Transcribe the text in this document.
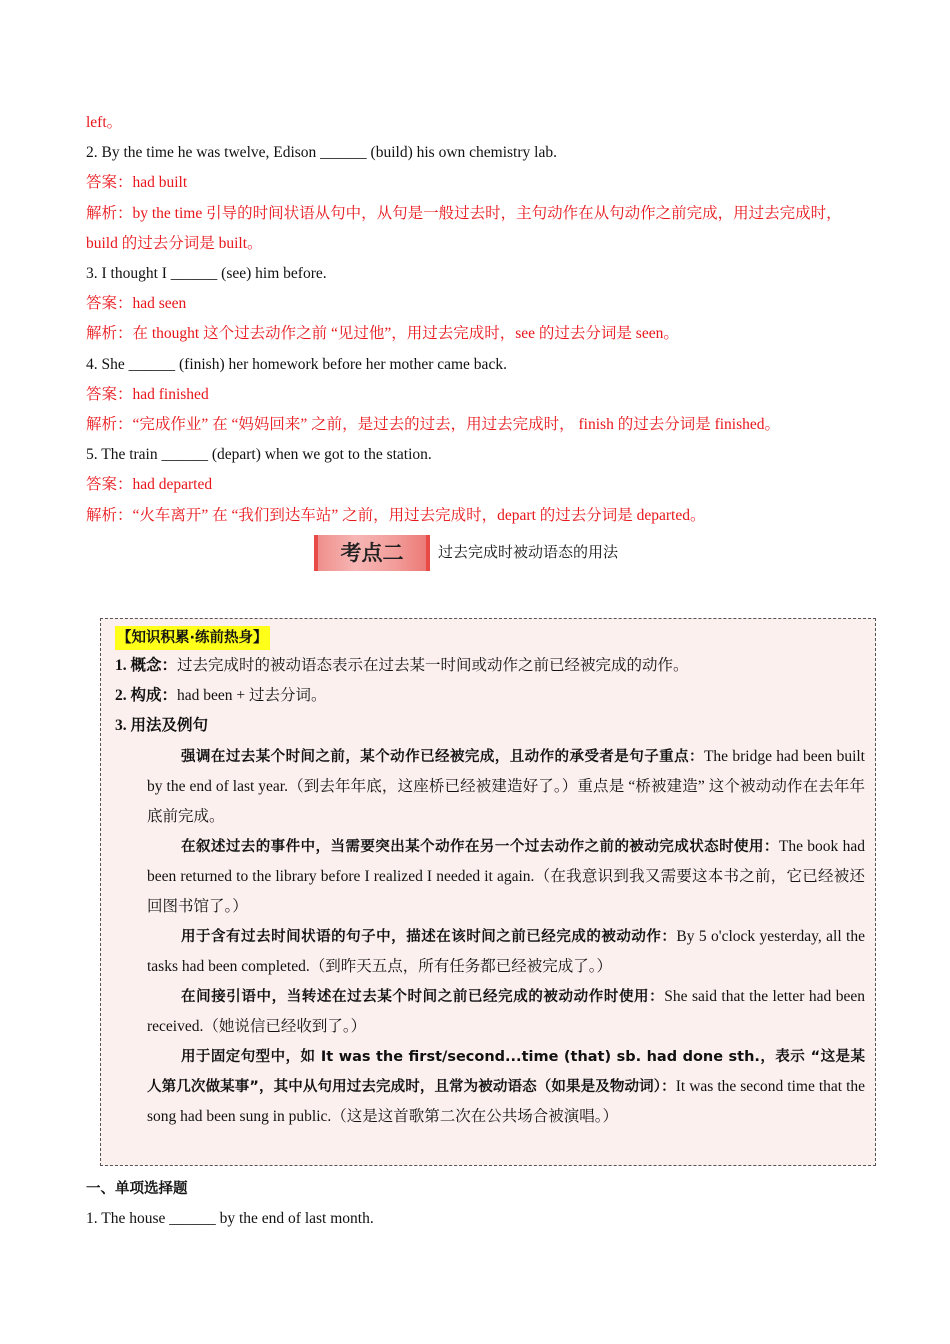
left。

2. By the time he was twelve, Edison ______ (build) his own chemistry lab.

答案：had built

解析：by the time 引导的时间状语从句中，从句是一般过去时，主句动作在从句动作之前完成，用过去完成时，build 的过去分词是 built。

3. I thought I ______ (see) him before.

答案：had seen

解析：在 thought 这个过去动作之前 “见过他”，用过去完成时，see 的过去分词是 seen。

4. She ______ (finish) her homework before her mother came back.

答案：had finished

解析：“完成作业” 在 “妈妈回来” 之前，是过去的过去，用过去完成时， finish 的过去分词是 finished。

5. The train ______ (depart) when we got to the station.

答案：had departed

解析：“火车离开” 在 “我们到达车站” 之前，用过去完成时，depart 的过去分词是 departed。

考点二	过去完成时被动语态的用法
【知识积累·练前热身】

1. 概念：过去完成时的被动语态表示在过去某一时间或动作之前已经被完成的动作。

2. 构成：had been + 过去分词。

3. 用法及例句

强调在过去某个时间之前，某个动作已经被完成，且动作的承受者是句子重点：The bridge had been built by the end of last year.（到去年年底，这座桥已经被建造好了。）重点是 “桥被建造” 这个被动动作在去年年底前完成。

在叙述过去的事件中，当需要突出某个动作在另一个过去动作之前的被动完成状态时使用：The book had been returned to the library before I realized I needed it again.（在我意识到我又需要这本书之前，它已经被还回图书馆了。）

用于含有过去时间状语的句子中，描述在该时间之前已经完成的被动动作：By 5 o'clock yesterday, all the tasks had been completed.（到昨天五点，所有任务都已经被完成了。）

在间接引语中，当转述在过去某个时间之前已经完成的被动动作时使用：She said that the letter had been received.（她说信已经收到了。）

用于固定句型中，如 It was the first/second...time (that) sb. had done sth.，表示 “这是某人第几次做某事”，其中从句用过去完成时，且常为被动语态（如果是及物动词）：It was the second time that the song had been sung in public.（这是这首歌第二次在公共场合被演唱。）

一、单项选择题

1. The house ______ by the end of last month.
